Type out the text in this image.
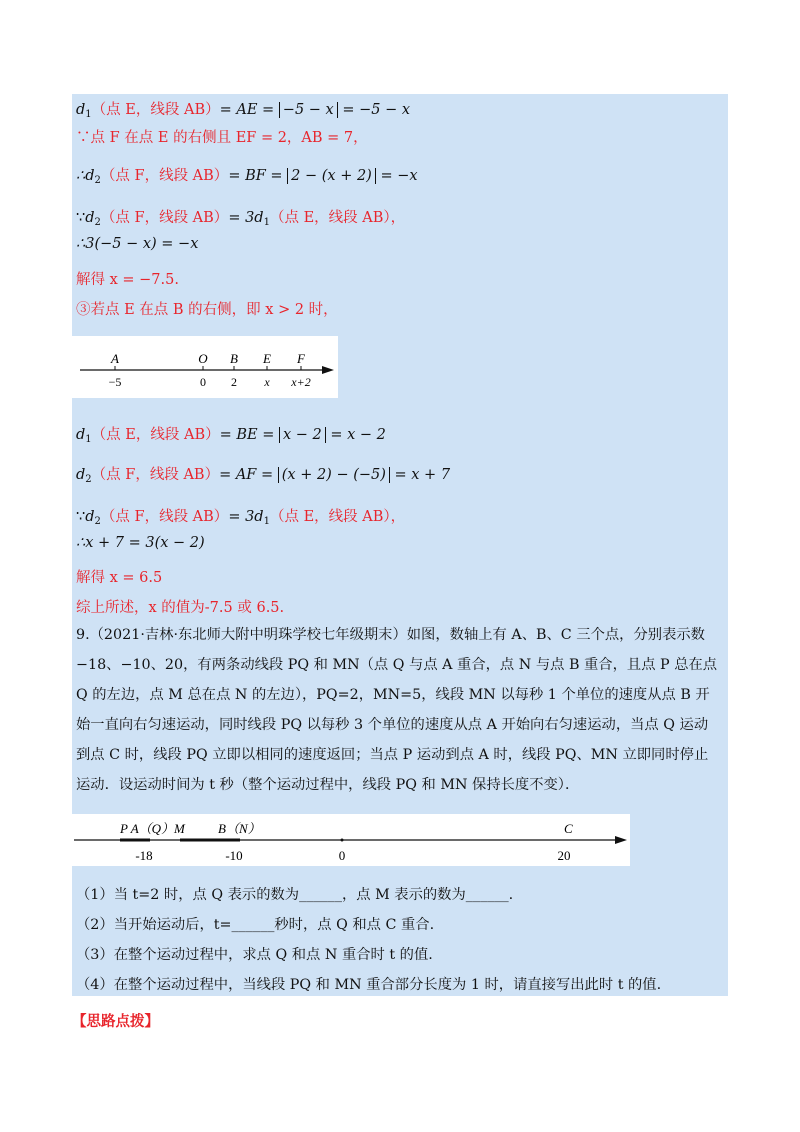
$d_1$（点 E，线段 AB）= AE = −5 − x = −5 − x
∵点 F 在点 E 的右侧且 EF = 2，AB = 7，
$\therefore d_2$（点 F，线段 AB）= BF = 2 − (x + 2) = −x
$\because d_2$（点 F，线段 $AB)= 3d_1$（点 E，线段 AB），
∴3(−5 − x) = −x
解得 x = −7.5.
③若点 E 在点 B 的右侧，即 x > 2 时，
A	O B E F
−5	0 2 x x+2
$d_1$（点 E，线段 AB）= BE = x − 2 = x − 2
$d_2$（点 F，线段 AB）= AF = (x + 2) − (−5) = x + 7
$\because d_2$（点 F，线段 $AB)= 3d_1$（点 E，线段 AB），
∴x + 7 = 3(x − 2)
解得 x = 6.5
综上所述，x 的值为-7.5 或 6.5.
9.（2021·吉林·东北师大附中明珠学校七年级期末）如图，数轴上有 A、B、C 三个点，分别表示数−18、−10、20，有两条动线段 PQ 和 MN（点 Q 与点 A 重合，点 N 与点 B 重合，且点 P 总在点 Q 的左边，点 M 总在点 N 的左边），PQ=2，MN=5，线段 MN 以每秒 1 个单位的速度从点 B 开始一直向右匀速运动，同时线段 PQ 以每秒 3 个单位的速度从点 A 开始向右匀速运动，当点 Q 运动到点 C 时，线段 PQ 立即以相同的速度返回；当点 P 运动到点 A 时，线段 PQ、MN 立即同时停止运动．设运动时间为 t 秒（整个运动过程中，线段 PQ 和 MN 保持长度不变）．
P A（Q）M	B（N）	C
-18	-10	0	20
（1）当 t=2 时，点 Q 表示的数为______，点 M 表示的数为______.
（2）当开始运动后，t=______秒时，点 Q 和点 C 重合.
（3）在整个运动过程中，求点 Q 和点 N 重合时 t 的值.
（4）在整个运动过程中，当线段 PQ 和 MN 重合部分长度为 1 时，请直接写出此时 t 的值.
【思路点拨】
